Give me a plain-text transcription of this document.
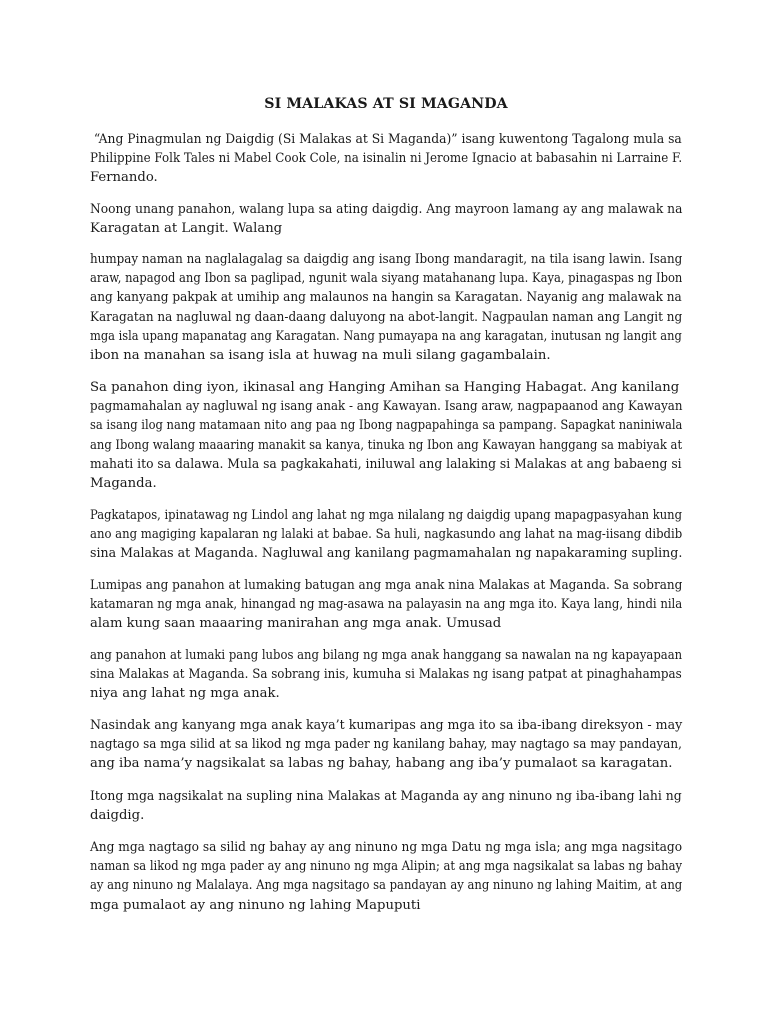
SI MALAKAS AT SI MAGANDA

“Ang Pinagmulan ng Daigdig (Si Malakas at Si Maganda)” isang kuwentong Tagalong mula sa
Philippine Folk Tales ni Mabel Cook Cole, na isinalin ni Jerome Ignacio at babasahin ni Larraine F.
Fernando.

Noong unang panahon, walang lupa sa ating daigdig. Ang mayroon lamang ay ang malawak na
Karagatan at Langit. Walang

humpay naman na naglalagalag sa daigdig ang isang Ibong mandaragit, na tila isang lawin. Isang
araw, napagod ang Ibon sa paglipad, ngunit wala siyang matahanang lupa. Kaya, pinagaspas ng Ibon
ang kanyang pakpak at umihip ang malaunos na hangin sa Karagatan. Nayanig ang malawak na
Karagatan na nagluwal ng daan-daang daluyong na abot-langit. Nagpaulan naman ang Langit ng
mga isla upang mapanatag ang Karagatan. Nang pumayapa na ang karagatan, inutusan ng langit ang
ibon na manahan sa isang isla at huwag na muli silang gagambalain.

Sa panahon ding iyon, ikinasal ang Hanging Amihan sa Hanging Habagat. Ang kanilang
pagmamahalan ay nagluwal ng isang anak - ang Kawayan. Isang araw, nagpapaanod ang Kawayan
sa isang ilog nang matamaan nito ang paa ng Ibong nagpapahinga sa pampang. Sapagkat naniniwala
ang Ibong walang maaaring manakit sa kanya, tinuka ng Ibon ang Kawayan hanggang sa mabiyak at
mahati ito sa dalawa. Mula sa pagkakahati, iniluwal ang lalaking si Malakas at ang babaeng si
Maganda.

Pagkatapos, ipinatawag ng Lindol ang lahat ng mga nilalang ng daigdig upang mapagpasyahan kung
ano ang magiging kapalaran ng lalaki at babae. Sa huli, nagkasundo ang lahat na mag-iisang dibdib
sina Malakas at Maganda. Nagluwal ang kanilang pagmamahalan ng napakaraming supling.

Lumipas ang panahon at lumaking batugan ang mga anak nina Malakas at Maganda. Sa sobrang
katamaran ng mga anak, hinangad ng mag-asawa na palayasin na ang mga ito. Kaya lang, hindi nila
alam kung saan maaaring manirahan ang mga anak. Umusad

ang panahon at lumaki pang lubos ang bilang ng mga anak hanggang sa nawalan na ng kapayapaan
sina Malakas at Maganda. Sa sobrang inis, kumuha si Malakas ng isang patpat at pinaghahampas
niya ang lahat ng mga anak.

Nasindak ang kanyang mga anak kaya’t kumaripas ang mga ito sa iba-ibang direksyon - may
nagtago sa mga silid at sa likod ng mga pader ng kanilang bahay, may nagtago sa may pandayan,
ang iba nama’y nagsikalat sa labas ng bahay, habang ang iba’y pumalaot sa karagatan.

Itong mga nagsikalat na supling nina Malakas at Maganda ay ang ninuno ng iba-ibang lahi ng
daigdig.

Ang mga nagtago sa silid ng bahay ay ang ninuno ng mga Datu ng mga isla; ang mga nagsitago
naman sa likod ng mga pader ay ang ninuno ng mga Alipin; at ang mga nagsikalat sa labas ng bahay
ay ang ninuno ng Malalaya. Ang mga nagsitago sa pandayan ay ang ninuno ng lahing Maitim, at ang
mga pumalaot ay ang ninuno ng lahing Mapuputi
